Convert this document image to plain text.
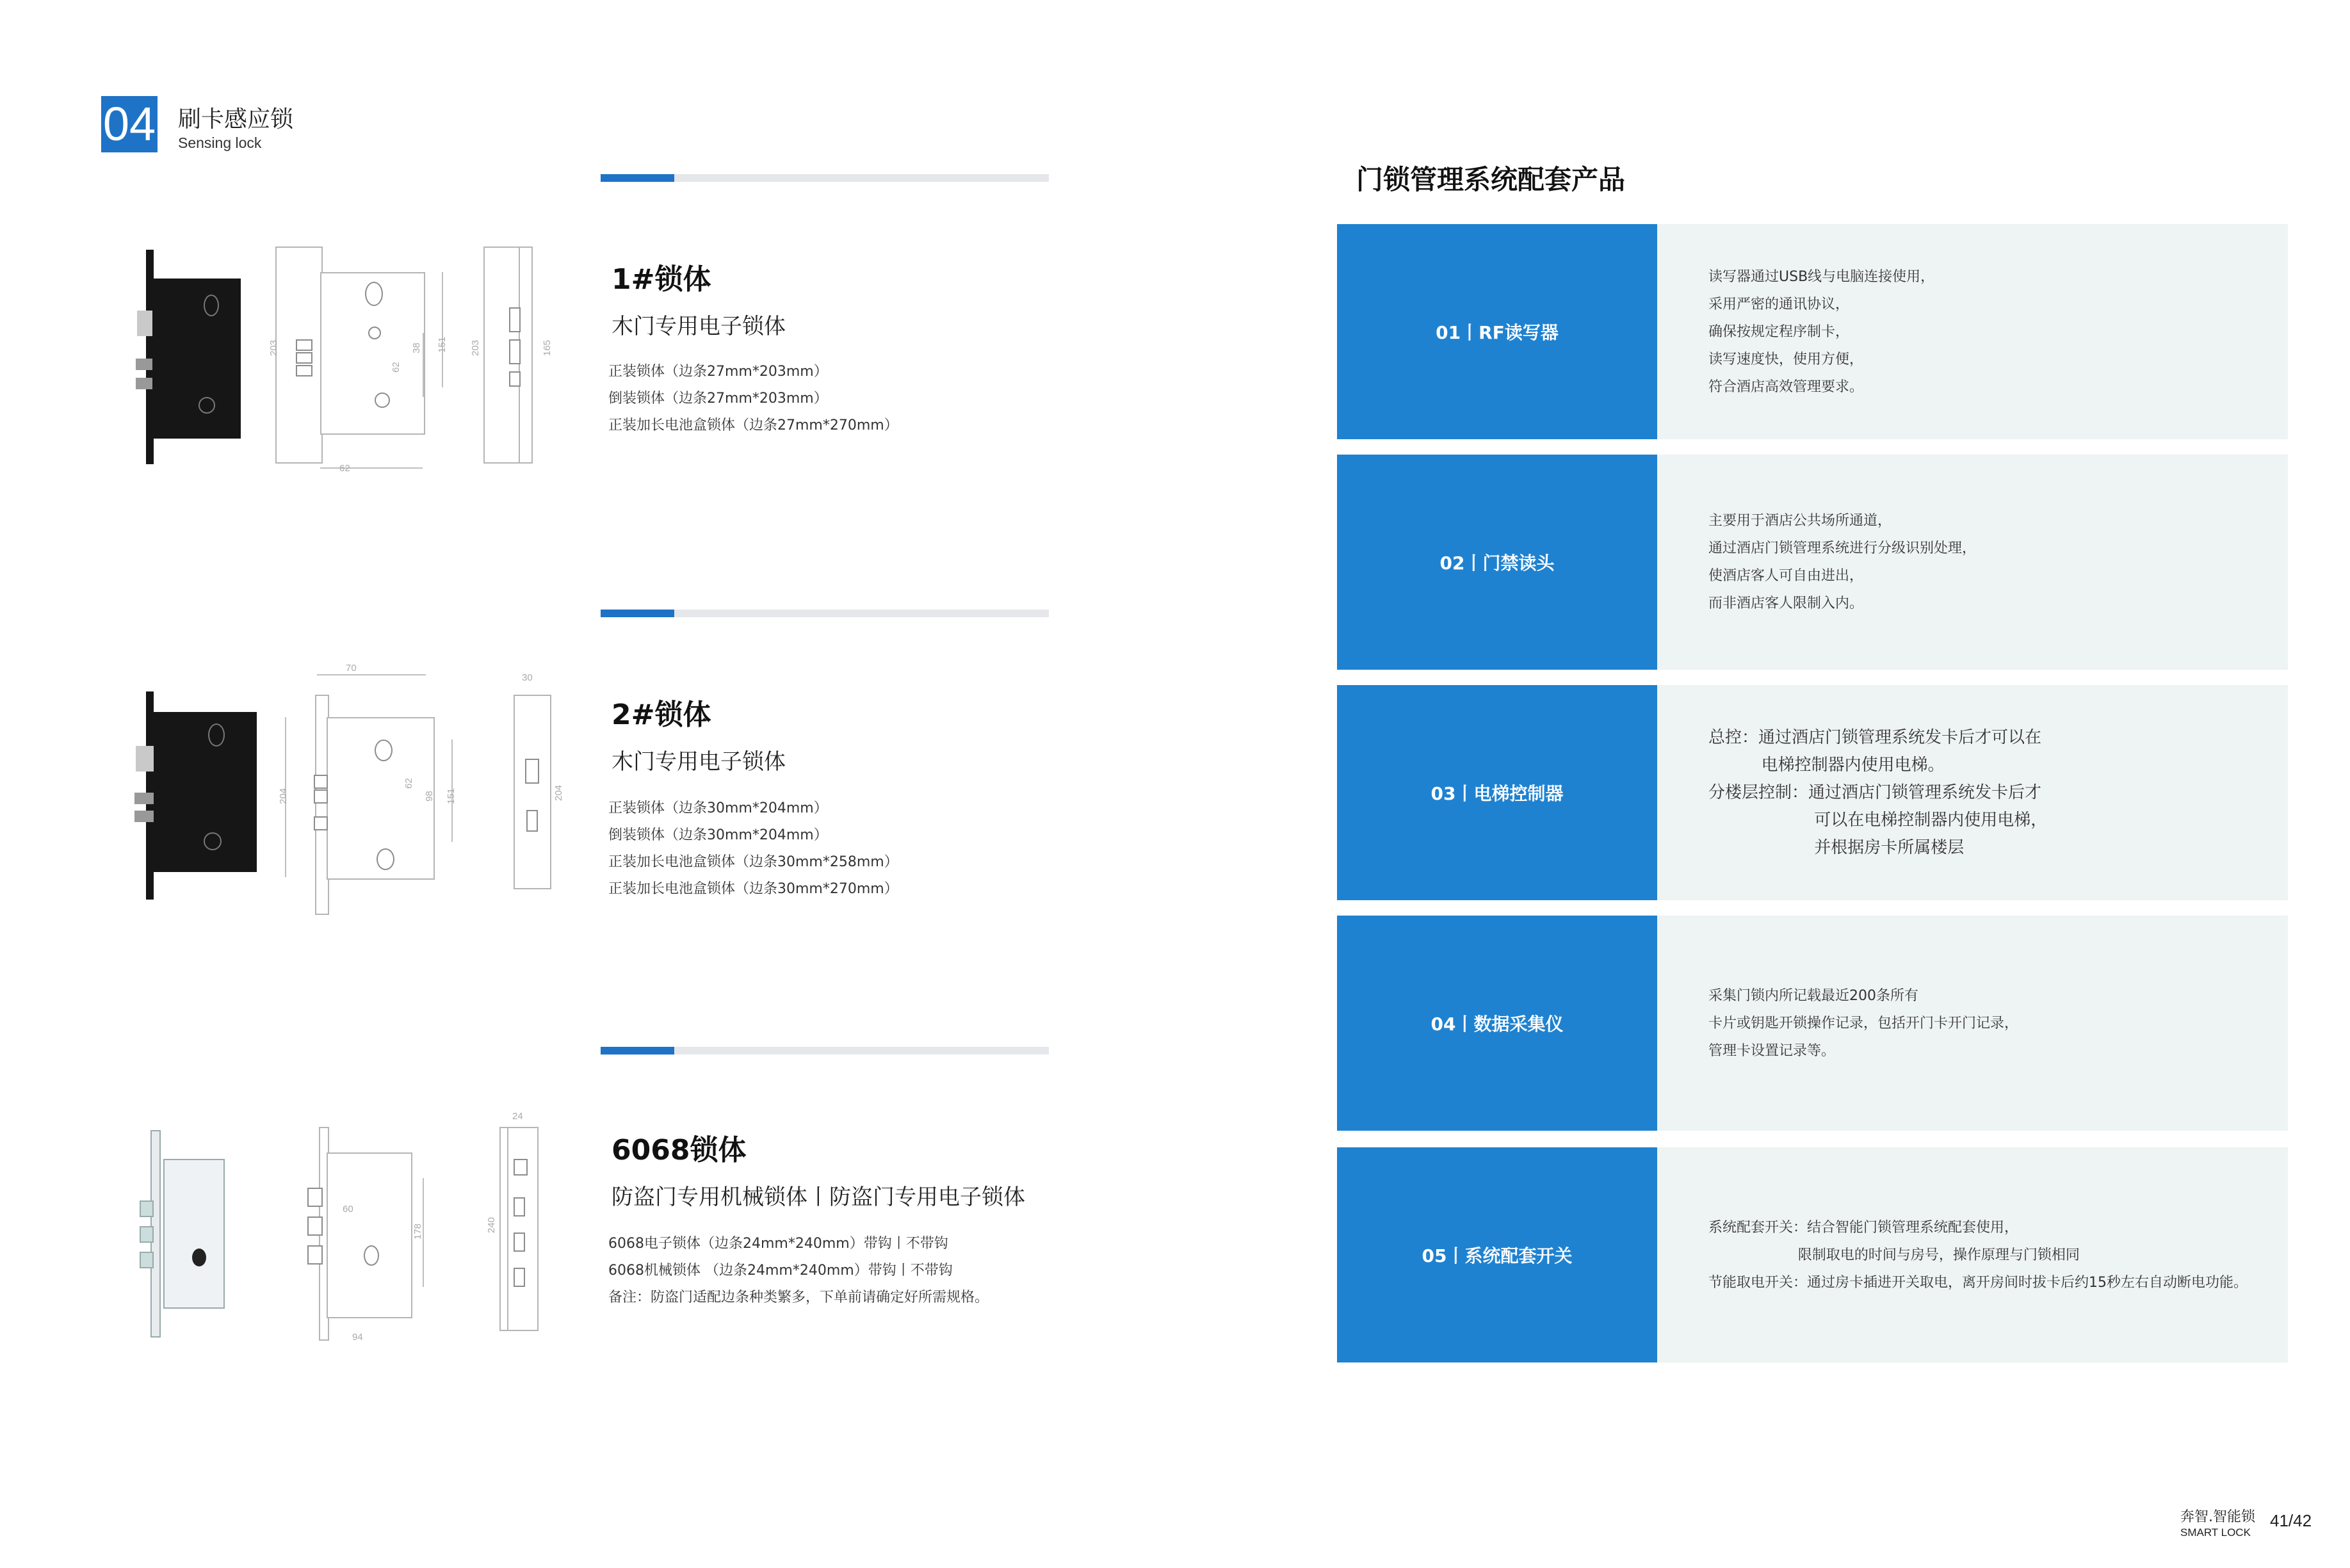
04 刷卡感应锁
Sensing lock
1#锁体
木门专用电子锁体
正装锁体（边条27mm*203mm）
倒装锁体（边条27mm*203mm）
正装加长电池盒锁体（边条27mm*270mm）
203	38
62
151
62
203	165
2#锁体
木门专用电子锁体
正装锁体（边条30mm*204mm）
倒装锁体（边条30mm*204mm）
正装加长电池盒锁体（边条30mm*258mm）
正装加长电池盒锁体（边条30mm*270mm）
70
204
62
98 151
30
204
6068锁体
防盗门专用机械锁体丨防盗门专用电子锁体
6068电子锁体（边条24mm*240mm）带钩丨不带钩
6068机械锁体 （边条24mm*240mm）带钩丨不带钩
备注：防盗门适配边条种类繁多，下单前请确定好所需规格。
60
178
94
24
240
门锁管理系统配套产品
01丨RF读写器
读写器通过USB线与电脑连接使用，
采用严密的通讯协议，
确保按规定程序制卡，
读写速度快，使用方便，
符合酒店高效管理要求。
02丨门禁读头
主要用于酒店公共场所通道，
通过酒店门锁管理系统进行分级识别处理，
使酒店客人可自由进出，
而非酒店客人限制入内。
03丨电梯控制器
总控：通过酒店门锁管理系统发卡后才可以在
电梯控制器内使用电梯。
分楼层控制：通过酒店门锁管理系统发卡后才
可以在电梯控制器内使用电梯，
并根据房卡所属楼层
04丨数据采集仪
采集门锁内所记载最近200条所有
卡片或钥匙开锁操作记录，包括开门卡开门记录，
管理卡设置记录等。
05丨系统配套开关
系统配套开关：结合智能门锁管理系统配套使用，
限制取电的时间与房号，操作原理与门锁相同
节能取电开关：通过房卡插进开关取电，离开房间时拔卡后约15秒左右自动断电功能。
奔智.智能锁
SMART LOCK
41/42
